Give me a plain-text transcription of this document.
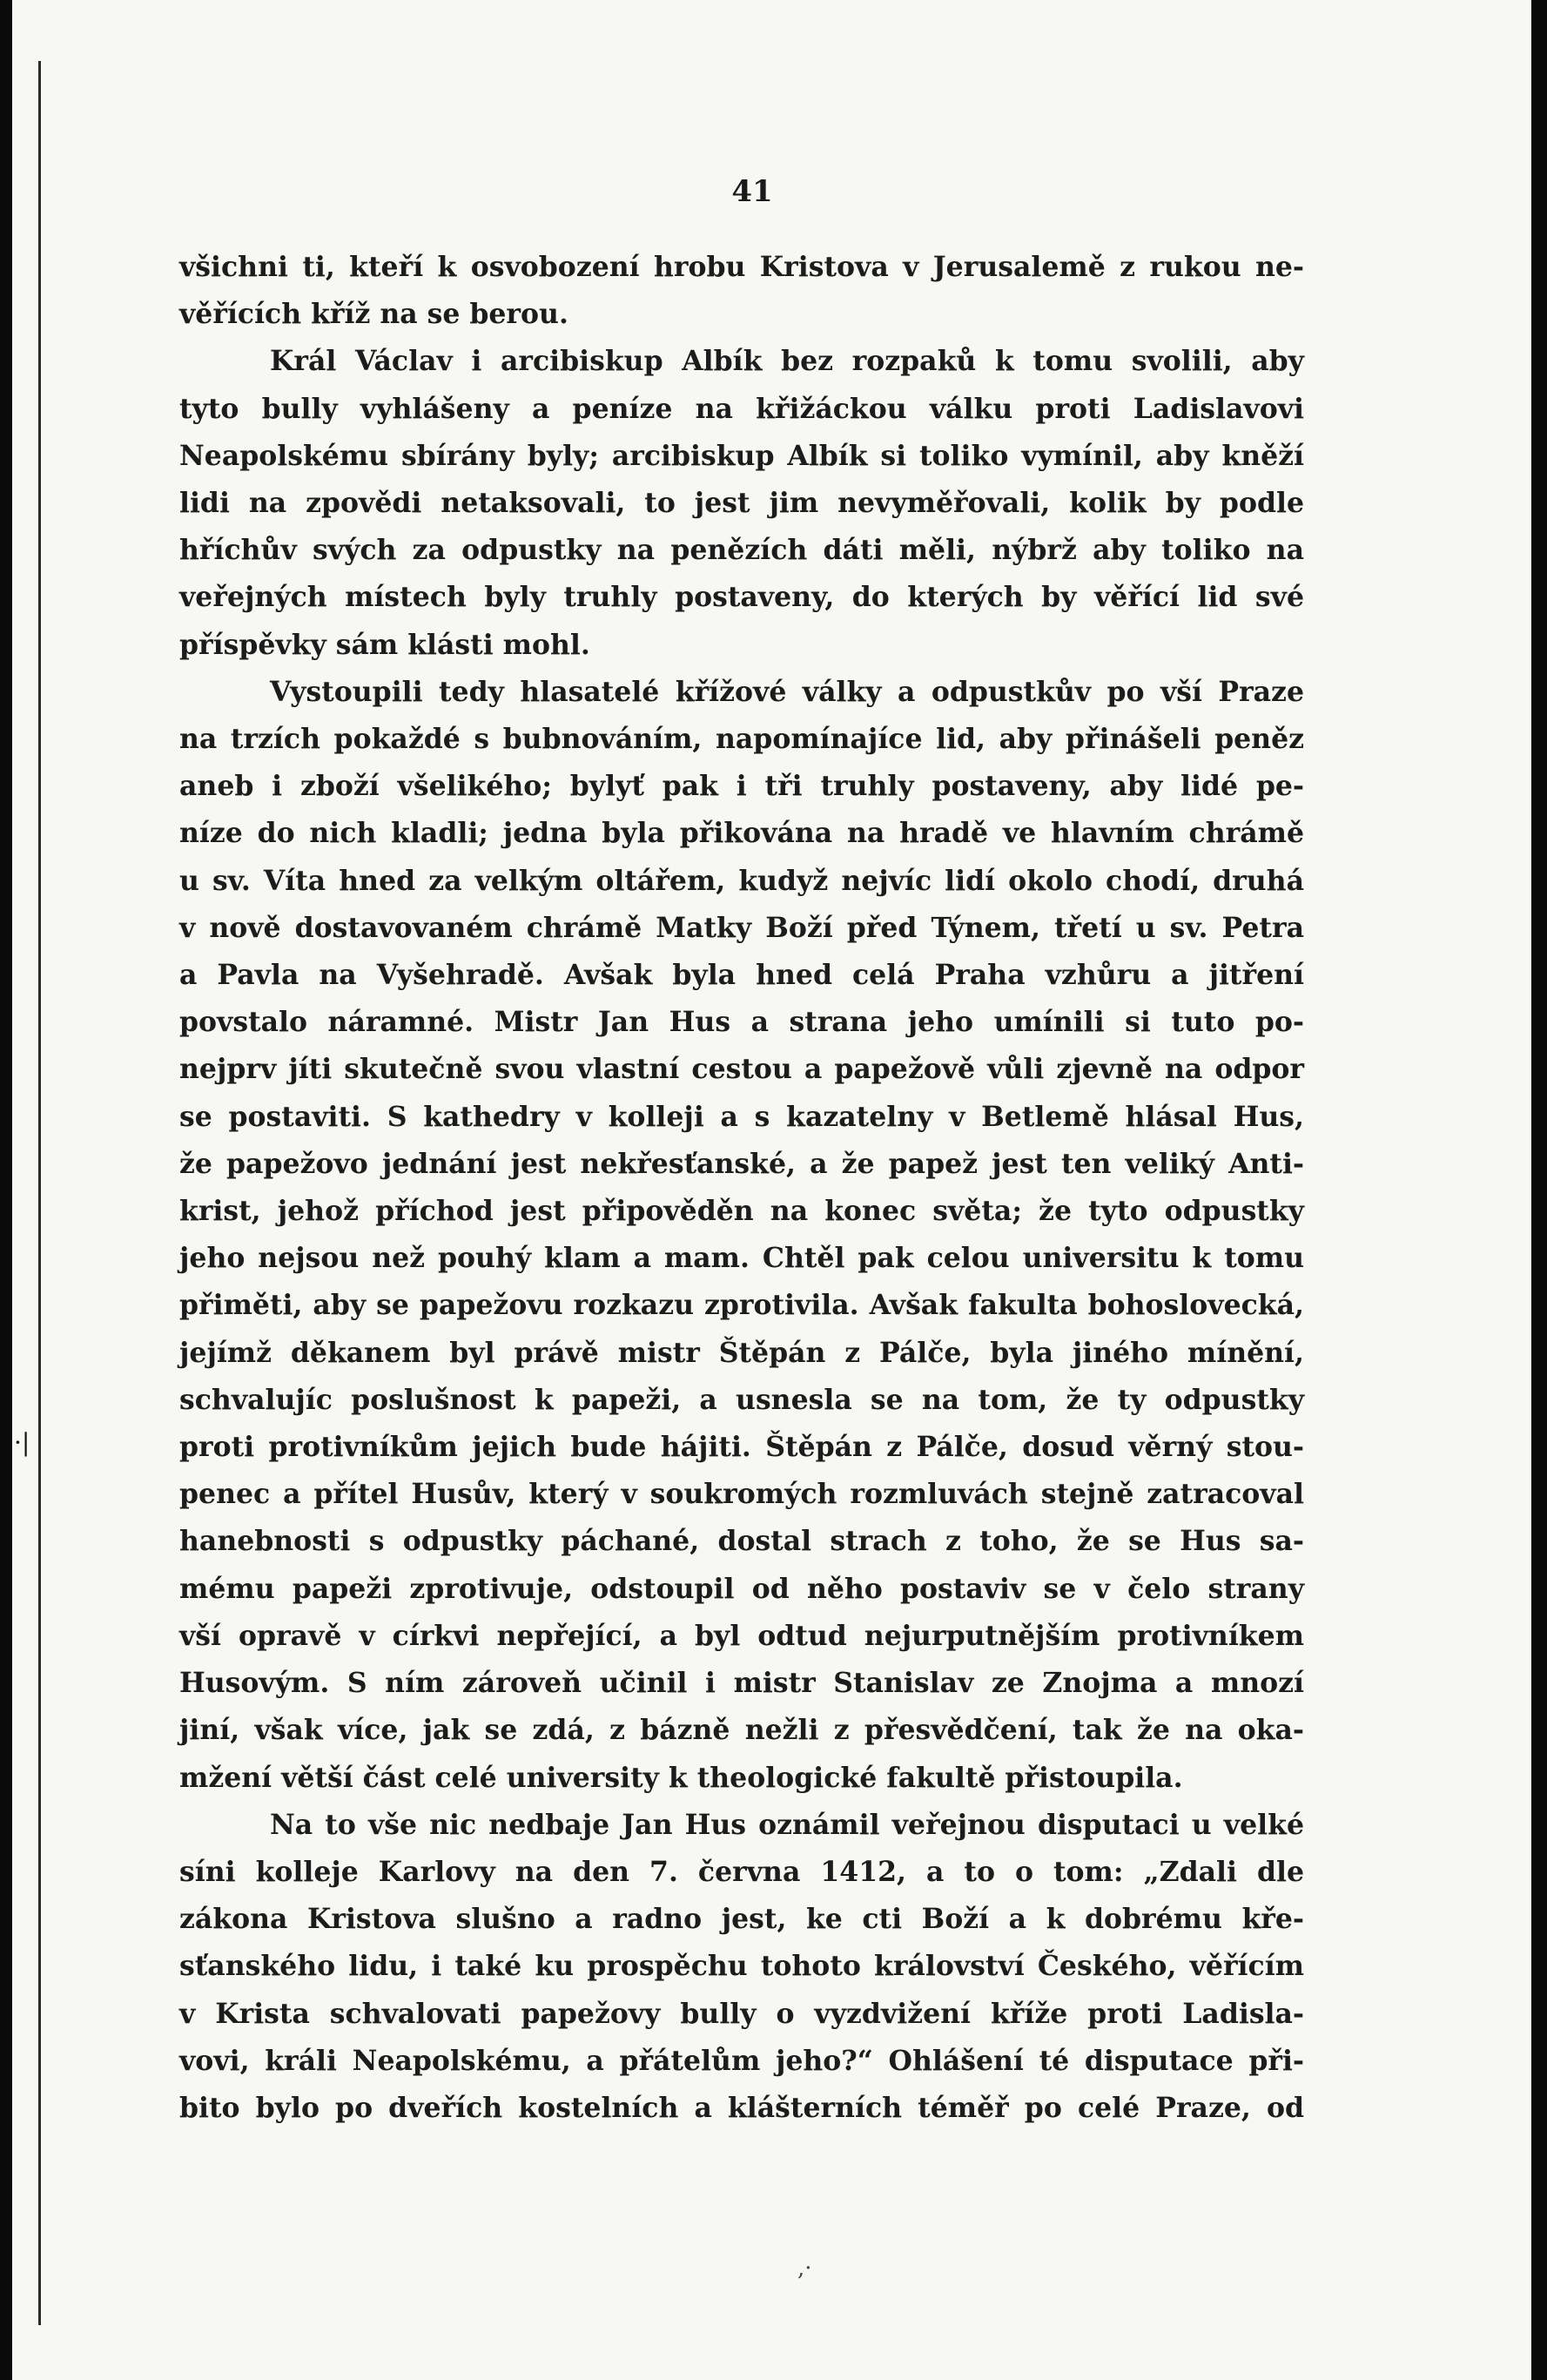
41
všichni ti, kteří k osvobození hrobu Kristova v Jerusalemě z rukou ne-
věřících kříž na se berou.
Král Václav i arcibiskup Albík bez rozpaků k tomu svolili, aby
tyto bully vyhlášeny a peníze na křižáckou válku proti Ladislavovi
Neapolskému sbírány byly; arcibiskup Albík si toliko vymínil, aby kněží
lidi na zpovědi netaksovali, to jest jim nevyměřovali, kolik by podle
hříchův svých za odpustky na penězích dáti měli, nýbrž aby toliko na
veřejných místech byly truhly postaveny, do kterých by věřící lid své
příspěvky sám klásti mohl.
Vystoupili tedy hlasatelé křížové války a odpustkův po vší Praze
na trzích pokaždé s bubnováním, napomínajíce lid, aby přinášeli peněz
aneb i zboží všelikého; bylyť pak i tři truhly postaveny, aby lidé pe-
níze do nich kladli; jedna byla přikována na hradě ve hlavním chrámě
u sv. Víta hned za velkým oltářem, kudyž nejvíc lidí okolo chodí, druhá
v nově dostavovaném chrámě Matky Boží před Týnem, třetí u sv. Petra
a Pavla na Vyšehradě. Avšak byla hned celá Praha vzhůru a jitření
povstalo náramné. Mistr Jan Hus a strana jeho umínili si tuto po-
nejprv jíti skutečně svou vlastní cestou a papežově vůli zjevně na odpor
se postaviti. S kathedry v kolleji a s kazatelny v Betlemě hlásal Hus,
že papežovo jednání jest nekřesťanské, a že papež jest ten veliký Anti-
krist, jehož příchod jest připověděn na konec světa; že tyto odpustky
jeho nejsou než pouhý klam a mam. Chtěl pak celou universitu k tomu
přiměti, aby se papežovu rozkazu zprotivila. Avšak fakulta bohoslovecká,
jejímž děkanem byl právě mistr Štěpán z Pálče, byla jiného mínění,
schvalujíc poslušnost k papeži, a usnesla se na tom, že ty odpustky
proti protivníkům jejich bude hájiti. Štěpán z Pálče, dosud věrný stou-
penec a přítel Husův, který v soukromých rozmluvách stejně zatracoval
hanebnosti s odpustky páchané, dostal strach z toho, že se Hus sa-
mému papeži zprotivuje, odstoupil od něho postaviv se v čelo strany
vší opravě v církvi nepřející, a byl odtud nejurputnějším protivníkem
Husovým. S ním zároveň učinil i mistr Stanislav ze Znojma a mnozí
jiní, však více, jak se zdá, z bázně nežli z přesvědčení, tak že na oka-
mžení větší část celé university k theologické fakultě přistoupila.
Na to vše nic nedbaje Jan Hus oznámil veřejnou disputaci u velké
síni kolleje Karlovy na den 7. června 1412, a to o tom: „Zdali dle
zákona Kristova slušno a radno jest, ke cti Boží a k dobrému kře-
sťanského lidu, i také ku prospěchu tohoto království Českého, věřícím
v Krista schvalovati papežovy bully o vyzdvižení kříže proti Ladisla-
vovi, králi Neapolskému, a přátelům jeho?“ Ohlášení té disputace při-
bito bylo po dveřích kostelních a klášterních téměř po celé Praze, od
·|
,·
